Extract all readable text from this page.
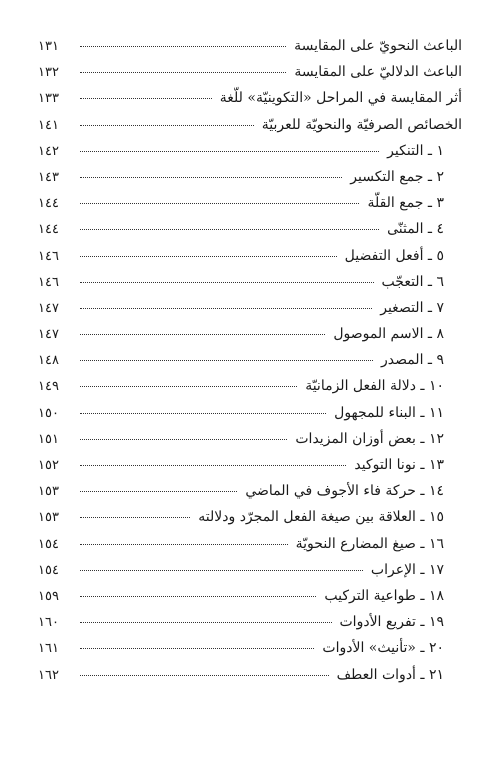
الباعث النحويّ على المقايسة
١٣١
الباعث الدلاليّ على المقايسة
١٣٢
أثر المقايسة في المراحل «التكوينيّة» للّغة
١٣٣
الخصائص الصرفيّة والنحويّة للعربيّة
١٤١
١ ـ التنكير
١٤٢
٢ ـ جمع التكسير
١٤٣
٣ ـ جمع القلّة
١٤٤
٤ ـ المثنّى
١٤٤
٥ ـ أفعل التفضيل
١٤٦
٦ ـ التعجّب
١٤٦
٧ ـ التصغير
١٤٧
٨ ـ الاسم الموصول
١٤٧
٩ ـ المصدر
١٤٨
١٠ ـ دلالة الفعل الزمانيّة
١٤٩
١١ ـ البناء للمجهول
١٥٠
١٢ ـ بعض أوزان المزيدات
١٥١
١٣ ـ نونا التوكيد
١٥٢
١٤ ـ حركة فاء الأجوف في الماضي
١٥٣
١٥ ـ العلاقة بين صيغة الفعل المجرّد ودلالته
١٥٣
١٦ ـ صيغ المضارع النحويّة
١٥٤
١٧ ـ الإعراب
١٥٤
١٨ ـ طواعية التركيب
١٥٩
١٩ ـ تفريع الأدوات
١٦٠
٢٠ ـ «تأنيث» الأدوات
١٦١
٢١ ـ أدوات العطف
١٦٢
